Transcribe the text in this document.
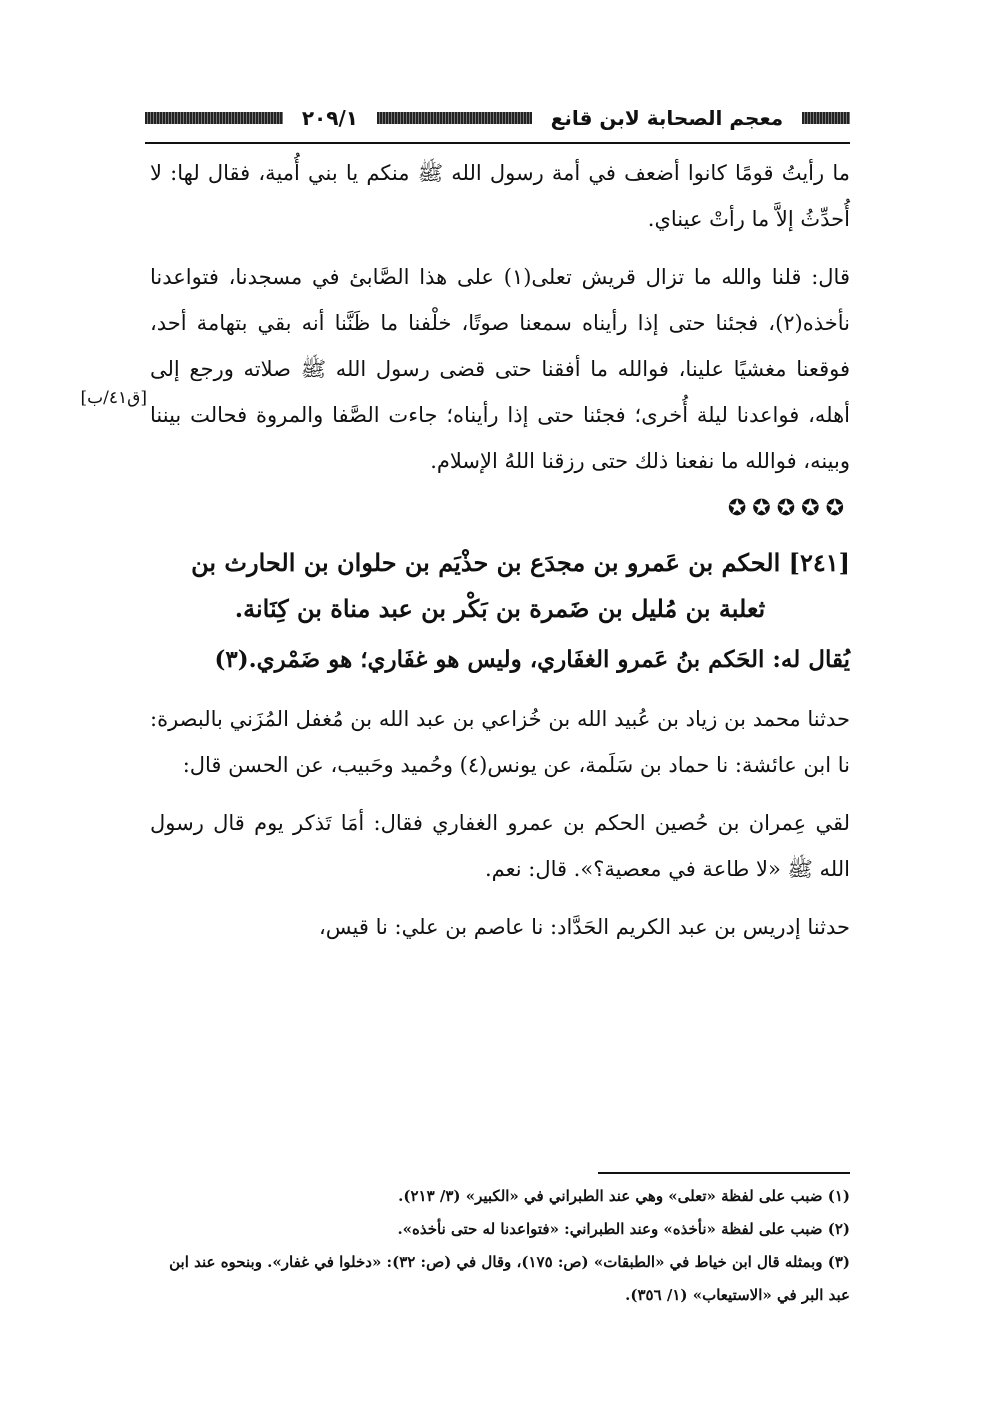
معجم الصحابة لابن قانع
٢٠٩/١
[ق٤١/ب]

ما رأيتُ قومًا كانوا أضعف في أمة رسول الله ﷺ منكم يا بني أُمية، فقال لها: لا أُحدِّثُ إلاَّ ما رأتْ عيناي.

قال: قلنا والله ما تزال قريش تعلى(١) على هذا الصَّابئ في مسجدنا، فتواعدنا نأخذه(٢)، فجئنا حتى إذا رأيناه سمعنا صوتًا، خلْفنا ما ظَنَّنا أنه بقي بتهامة أحد، فوقعنا مغشيًا علينا، فوالله ما أفقنا حتى قضى رسول الله ﷺ صلاته ورجع إلى أهله، فواعدنا ليلة أُخرى؛ فجئنا حتى إذا رأيناه؛ جاءت الصَّفا والمروة فحالت بيننا وبينه، فوالله ما نفعنا ذلك حتى رزقنا اللهُ الإسلام.

✪✪✪✪✪
[٢٤١] الحكم بن عَمرو بن مجدَع بن حذْيَم بن حلوان بن الحارث بن
ثعلبة بن مُليل بن ضَمرة بن بَكْر بن عبد مناة بن كِنَانة.
يُقال له: الحَكم بنُ عَمرو الغفَاري، وليس هو غفَاري؛ هو ضَمْري.(٣)

حدثنا محمد بن زياد بن عُبيد الله بن خُزاعي بن عبد الله بن مُغفل المُزَني بالبصرة: نا ابن عائشة: نا حماد بن سَلَمة، عن يونس(٤) وحُميد وحَبيب، عن الحسن قال:

لقي عِمران بن حُصين الحكم بن عمرو الغفاري فقال: أمَا تَذكر يوم قال رسول الله ﷺ «لا طاعة في معصية؟». قال: نعم.

حدثنا إدريس بن عبد الكريم الحَدَّاد: نا عاصم بن علي: نا قيس،

(١) ضبب على لفظة «تعلى» وهي عند الطبراني في «الكبير» (٣/ ٢١٣).

(٢) ضبب على لفظة «نأخذه» وعند الطبراني: «فتواعدنا له حتى نأخذه».

(٣) وبمثله قال ابن خياط في «الطبقات» (ص: ١٧٥)، وقال في (ص: ٣٢): «دخلوا في غفار». وبنحوه عند ابن عبد البر في «الاستيعاب» (١/ ٣٥٦).
